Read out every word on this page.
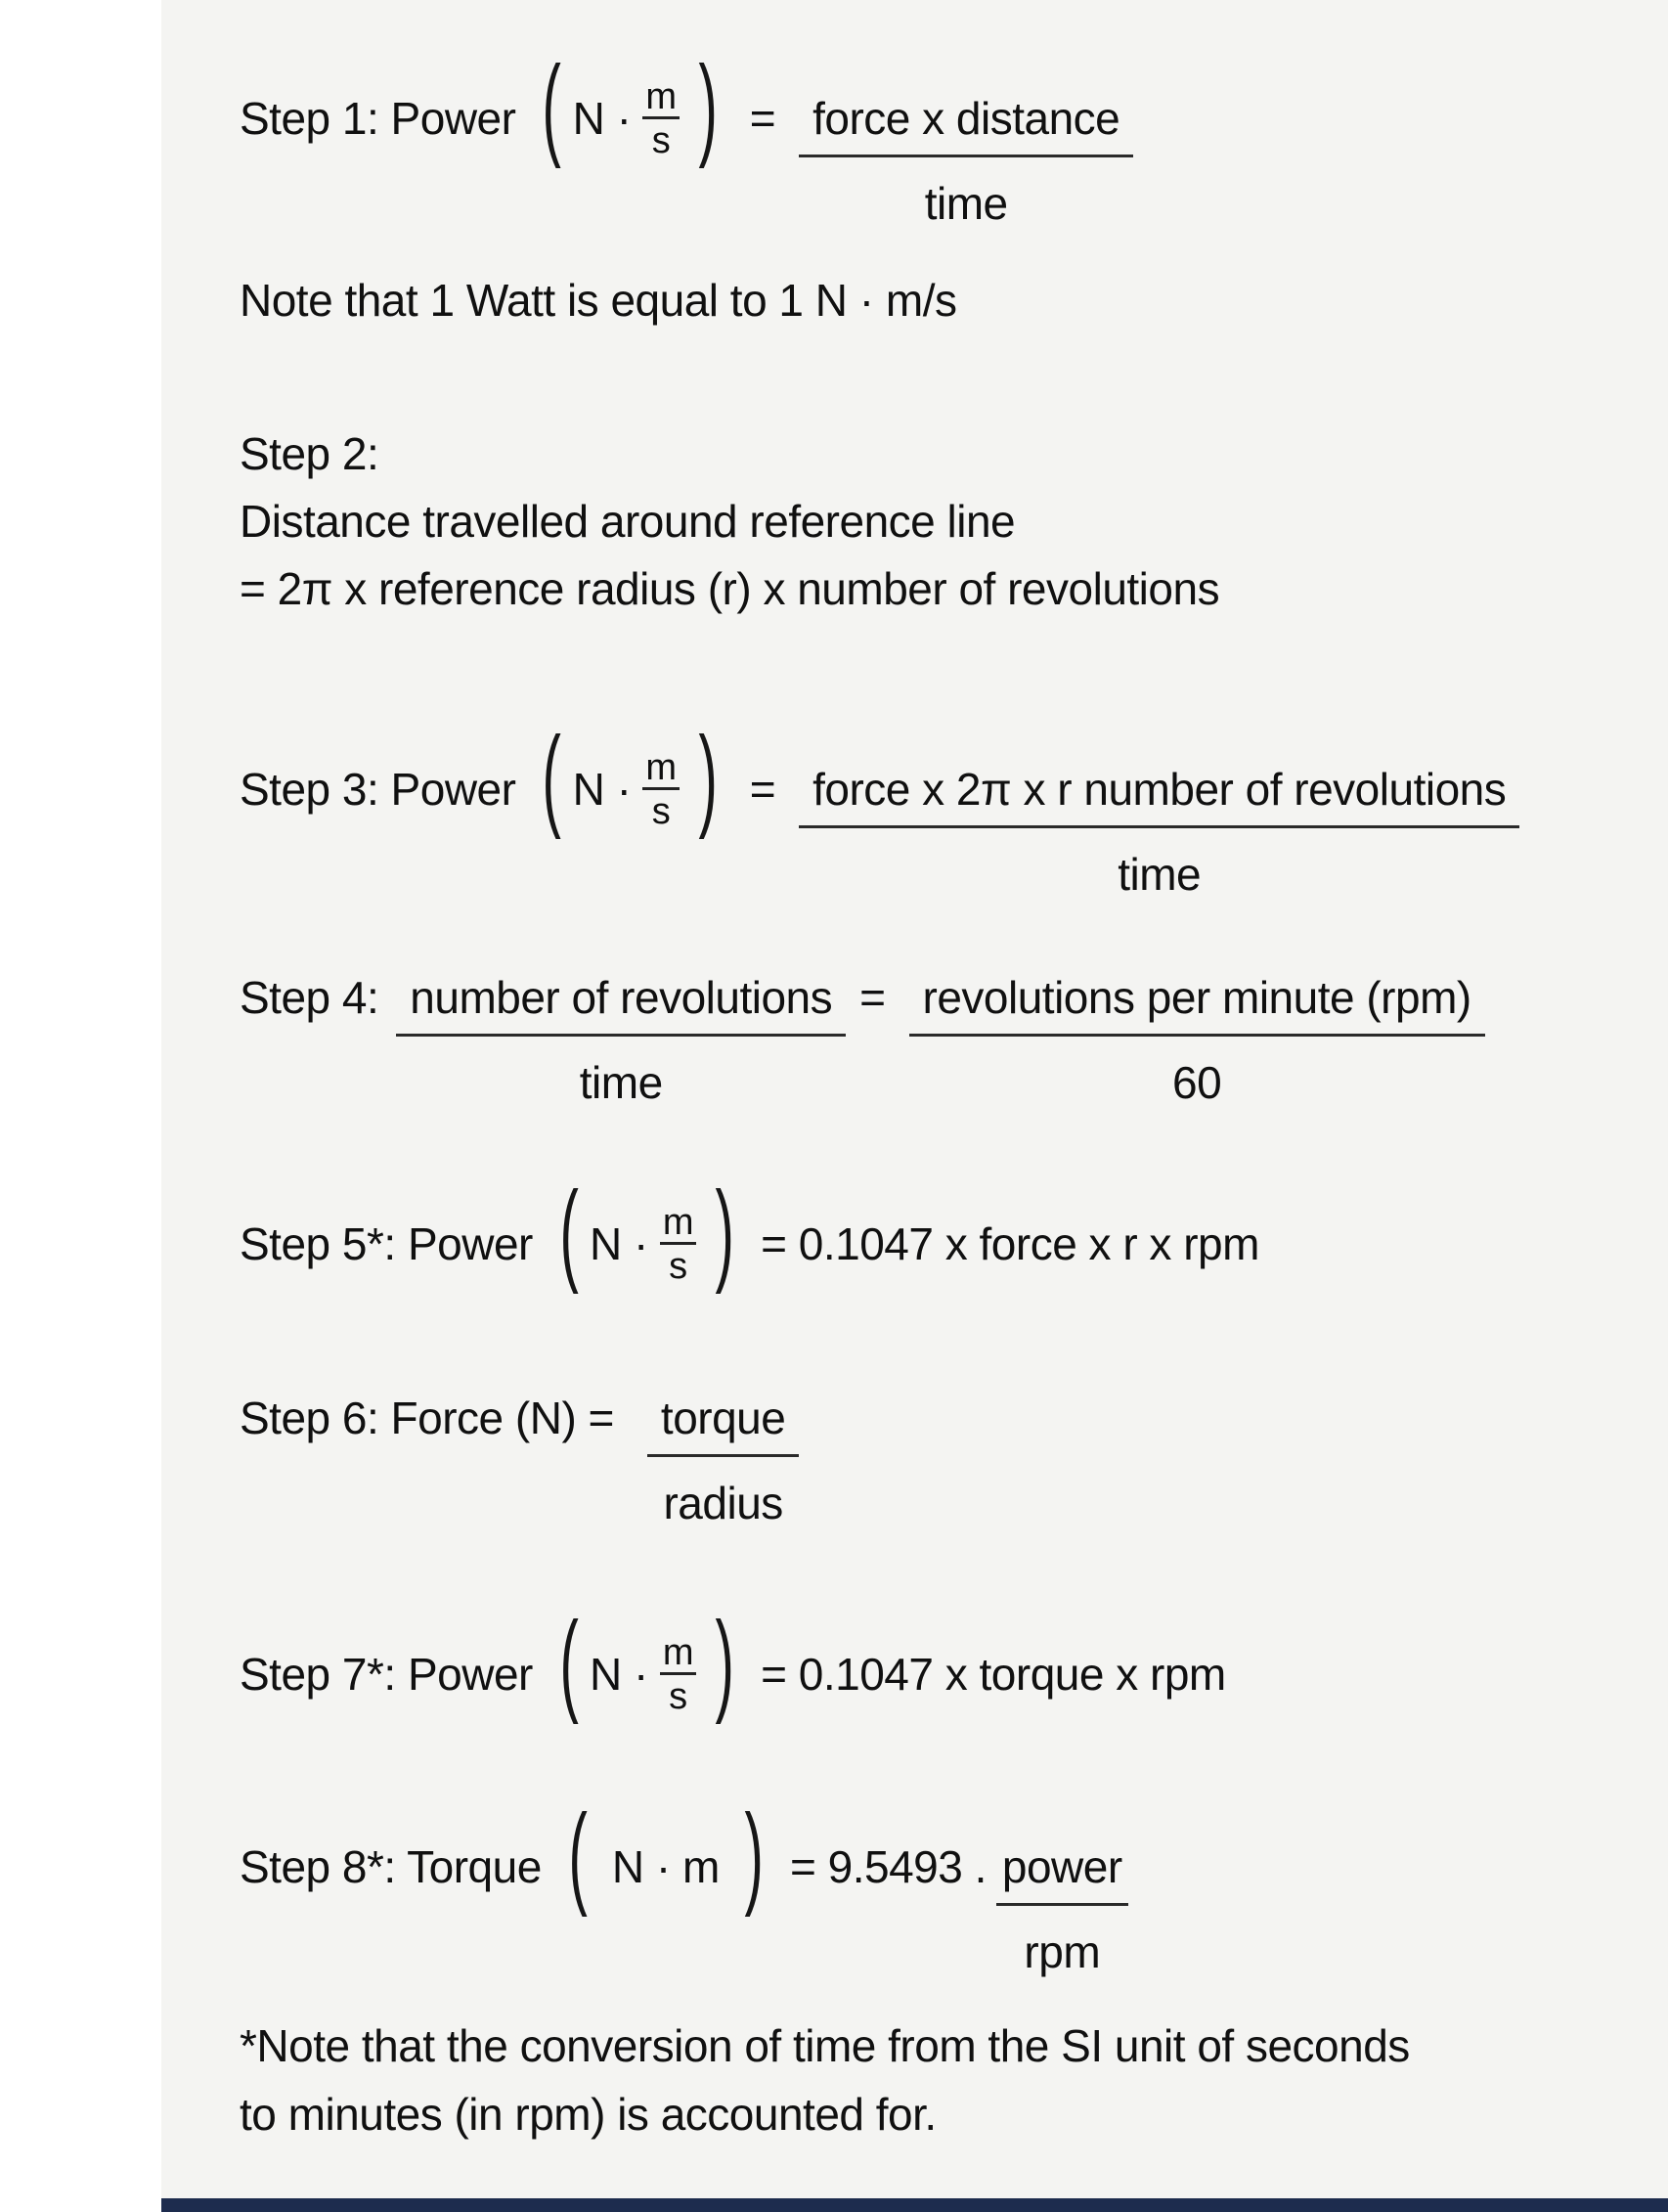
Step 1: Power ( N · m
s ) = $\frac{\text{force x distance}}{\text{time}}$
Note that 1 Watt is equal to 1 N · m/s
Step 2:
Distance travelled around reference line
= 2π x reference radius (r) x number of revolutions
Step 3: Power ( N · m
s ) = $\frac{\text{force x 2π x r number of revolutions}}{\text{time}}$
Step 4: $\frac{\text{number of revolutions}}{\text{time}} = \frac{\text{revolutions per minute (rpm)}}{60}$
Step 5*: Power ( N · m
s ) = 0.1047 x force x r x rpm
Step 6: Force $(N) = \frac{\text{torque}}{\text{radius}}$
Step 7*: Power ( N · m
s ) = 0.1047 x torque x rpm
Step 8*: Torque ( N · m ) = 9.5493 . $\frac{\text{power}}{\text{rpm}}$
*Note that the conversion of time from the SI unit of seconds
to minutes (in rpm) is accounted for.
